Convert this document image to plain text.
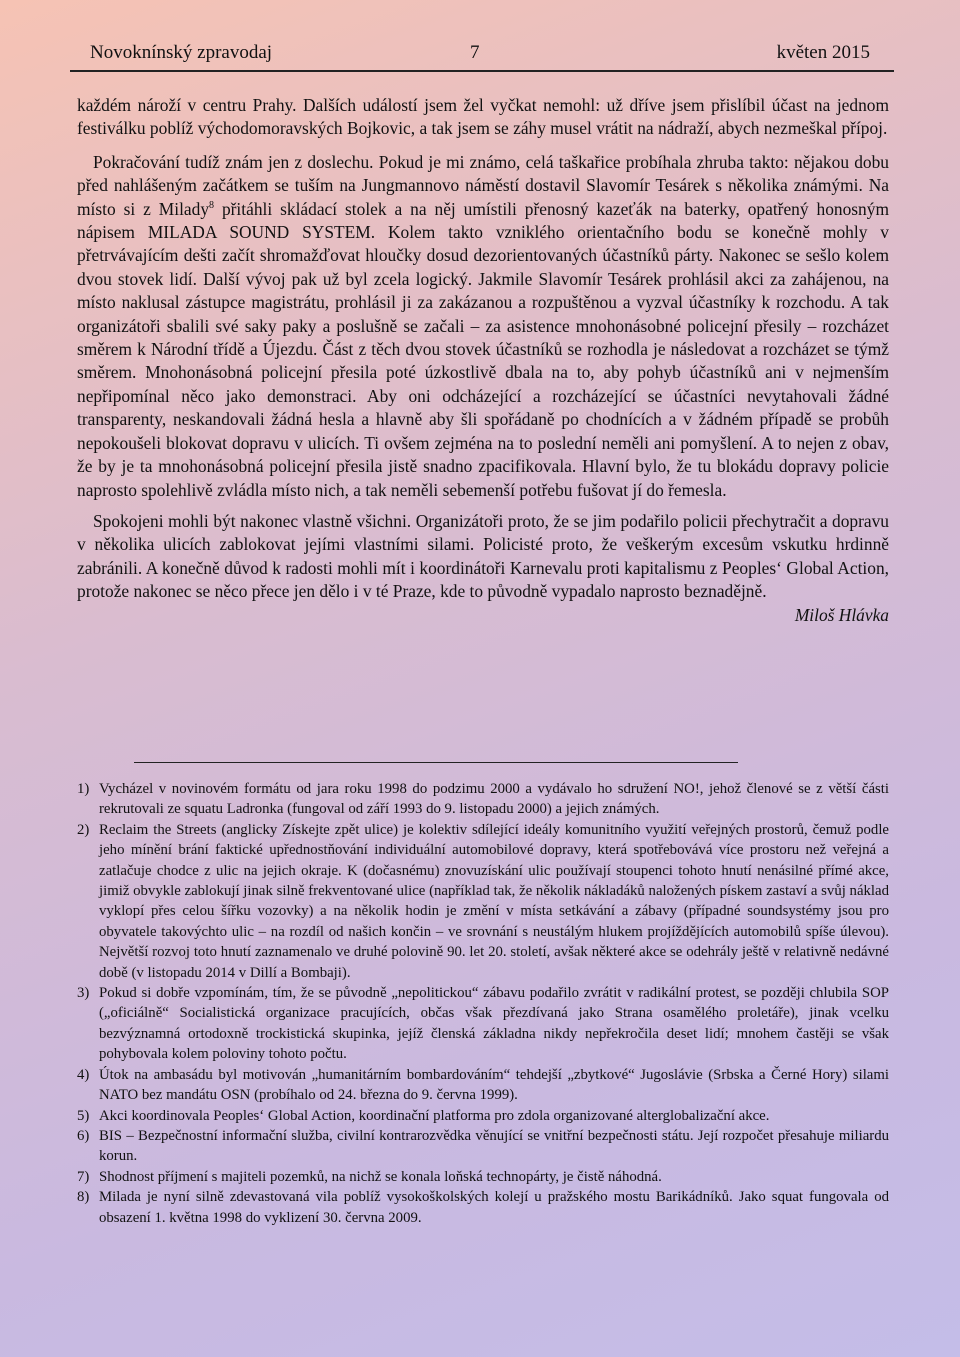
Novoknínský zpravodaj	7	květen 2015

každém nároží v centru Prahy. Dalších událostí jsem žel vyčkat nemohl: už dříve jsem přislíbil účast na jednom festiválku poblíž východomoravských Bojkovic, a tak jsem se záhy musel vrátit na nádraží, abych nezmeškal přípoj.

Pokračování tudíž znám jen z doslechu. Pokud je mi známo, celá taškařice probíhala zhruba takto: nějakou dobu před nahlášeným začátkem se tuším na Jungmannovo náměstí dostavil Slavomír Tesárek s několika známými. Na místo si z Milady$^8$ přitáhli skládací stolek a na něj umístili přenosný kazeťák na baterky, opatřený honosným nápisem MILADA SOUND SYSTEM. Kolem takto vzniklého orientačního bodu se konečně mohly v přetrvávajícím dešti začít shromažďovat hloučky dosud dezorientovaných účastníků párty. Nakonec se sešlo kolem dvou stovek lidí. Další vývoj pak už byl zcela logický. Jakmile Slavomír Tesárek prohlásil akci za zahájenou, na místo naklusal zástupce magistrátu, prohlásil ji za zakázanou a rozpuštěnou a vyzval účastníky k rozchodu. A tak organizátoři sbalili své saky paky a poslušně se začali – za asistence mnohonásobné policejní přesily – rozcházet směrem k Národní třídě a Újezdu. Část z těch dvou stovek účastníků se rozhodla je následovat a rozcházet se týmž směrem. Mnohonásobná policejní přesila poté úzkostlivě dbala na to, aby pohyb účastníků ani v nejmenším nepřipomínal něco jako demonstraci. Aby oni odcházející a rozcházející se účastníci nevytahovali žádné transparenty, neskandovali žádná hesla a hlavně aby šli spořádaně po chodnících a v žádném případě se probůh nepokoušeli blokovat dopravu v ulicích. Ti ovšem zejména na to poslední neměli ani pomyšlení. A to nejen z obav, že by je ta mnohonásobná policejní přesila jistě snadno zpacifikovala. Hlavní bylo, že tu blokádu dopravy policie naprosto spolehlivě zvládla místo nich, a tak neměli sebemenší potřebu fušovat jí do řemesla.

Spokojeni mohli být nakonec vlastně všichni. Organizátoři proto, že se jim podařilo policii přechytračit a dopravu v několika ulicích zablokovat jejími vlastními silami. Policisté proto, že veškerým excesům vskutku hrdinně zabránili. A konečně důvod k radosti mohli mít i koordinátoři Karnevalu proti kapitalismu z Peoples‘ Global Action, protože nakonec se něco přece jen dělo i v té Praze, kde to původně vypadalo naprosto beznadějně.

Miloš Hlávka
1) Vycházel v novinovém formátu od jara roku 1998 do podzimu 2000 a vydávalo ho sdružení NO!, jehož členové se z větší části rekrutovali ze squatu Ladronka (fungoval od září 1993 do 9. listopadu 2000) a jejich známých.
2) Reclaim the Streets (anglicky Získejte zpět ulice) je kolektiv sdílející ideály komunitního využití veřejných prostorů, čemuž podle jeho mínění brání faktické upřednostňování individuální automobilové dopravy, která spotřebovává více prostoru než veřejná a zatlačuje chodce z ulic na jejich okraje. K (dočasnému) znovuzískání ulic používají stoupenci tohoto hnutí nenásilné přímé akce, jimiž obvykle zablokují jinak silně frekventované ulice (například tak, že několik nákladáků naložených pískem zastaví a svůj náklad vyklopí přes celou šířku vozovky) a na několik hodin je změní v místa setkávání a zábavy (případné soundsystémy jsou pro obyvatele takovýchto ulic – na rozdíl od našich končin – ve srovnání s neustálým hlukem projíždějících automobilů spíše úlevou). Největší rozvoj toto hnutí zaznamenalo ve druhé polovině 90. let 20. století, avšak některé akce se odehrály ještě v relativně nedávné době (v listopadu 2014 v Dillí a Bombaji).
3) Pokud si dobře vzpomínám, tím, že se původně „nepolitickou“ zábavu podařilo zvrátit v radikální protest, se později chlubila SOP („oficiálně“ Socialistická organizace pracujících, občas však přezdívaná jako Strana osamělého proletáře), jinak vcelku bezvýznamná ortodoxně trockistická skupinka, jejíž členská základna nikdy nepřekročila deset lidí; mnohem častěji se však pohybovala kolem poloviny tohoto počtu.
4) Útok na ambasádu byl motivován „humanitárním bombardováním“ tehdejší „zbytkové“ Jugoslávie (Srbska a Černé Hory) silami NATO bez mandátu OSN (probíhalo od 24. března do 9. června 1999).
5) Akci koordinovala Peoples‘ Global Action, koordinační platforma pro zdola organizované alterglobalizační akce.
6) BIS – Bezpečnostní informační služba, civilní kontrarozvědka věnující se vnitřní bezpečnosti státu. Její rozpočet přesahuje miliardu korun.
7) Shodnost příjmení s majiteli pozemků, na nichž se konala loňská technopárty, je čistě náhodná.
8) Milada je nyní silně zdevastovaná vila poblíž vysokoškolských kolejí u pražského mostu Barikádníků. Jako squat fungovala od obsazení 1. května 1998 do vyklizení 30. června 2009.
